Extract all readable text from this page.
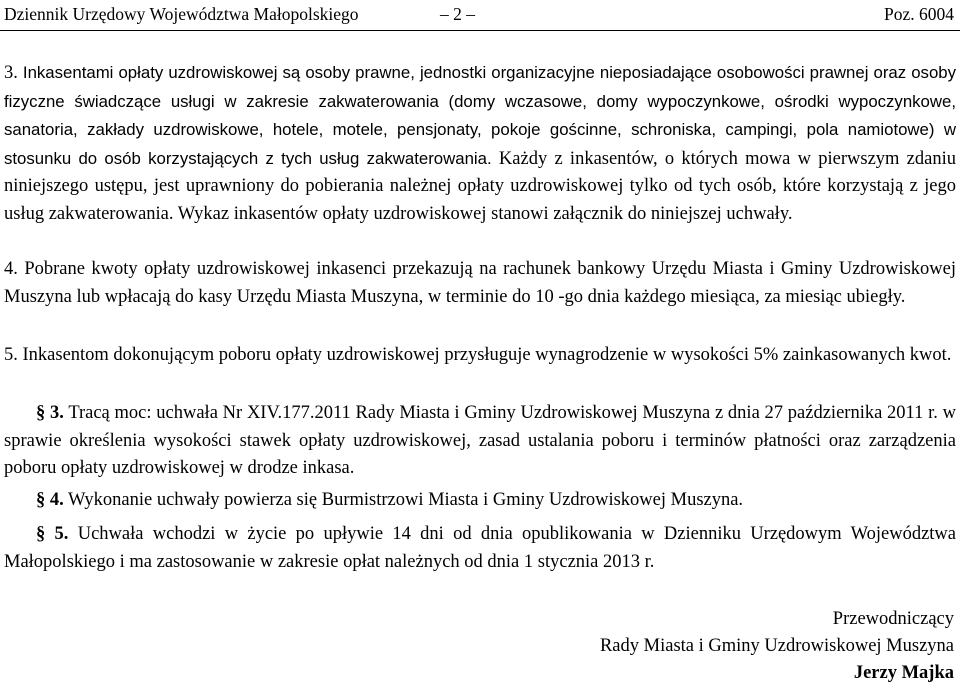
Dziennik Urzędowy Województwa Małopolskiego	– 2 –	Poz. 6004

3. Inkasentami opłaty uzdrowiskowej są osoby prawne, jednostki organizacyjne nieposiadające osobowości prawnej oraz osoby fizyczne świadczące usługi w zakresie zakwaterowania (domy wczasowe, domy wypoczynkowe, ośrodki wypoczynkowe, sanatoria, zakłady uzdrowiskowe, hotele, motele, pensjonaty, pokoje gościnne, schroniska, campingi, pola namiotowe) w stosunku do osób korzystających z tych usług zakwaterowania. Każdy z inkasentów, o których mowa w pierwszym zdaniu niniejszego ustępu, jest uprawniony do pobierania należnej opłaty uzdrowiskowej tylko od tych osób, które korzystają z jego usług zakwaterowania. Wykaz inkasentów opłaty uzdrowiskowej stanowi załącznik do niniejszej uchwały.

4. Pobrane kwoty opłaty uzdrowiskowej inkasenci przekazują na rachunek bankowy Urzędu Miasta i Gminy Uzdrowiskowej Muszyna lub wpłacają do kasy Urzędu Miasta Muszyna, w terminie do 10 -go dnia każdego miesiąca, za miesiąc ubiegły.

5. Inkasentom dokonującym poboru opłaty uzdrowiskowej przysługuje wynagrodzenie w wysokości 5% zainkasowanych kwot.

§ 3. Tracą moc: uchwała Nr XIV.177.2011 Rady Miasta i Gminy Uzdrowiskowej Muszyna z dnia 27 października 2011 r. w sprawie określenia wysokości stawek opłaty uzdrowiskowej, zasad ustalania poboru i terminów płatności oraz zarządzenia poboru opłaty uzdrowiskowej w drodze inkasa.

§ 4. Wykonanie uchwały powierza się Burmistrzowi Miasta i Gminy Uzdrowiskowej Muszyna.

§ 5. Uchwała wchodzi w życie po upływie 14 dni od dnia opublikowania w Dzienniku Urzędowym Województwa Małopolskiego i ma zastosowanie w zakresie opłat należnych od dnia 1 stycznia 2013 r.

Przewodniczący
Rady Miasta i Gminy Uzdrowiskowej Muszyna
Jerzy Majka
